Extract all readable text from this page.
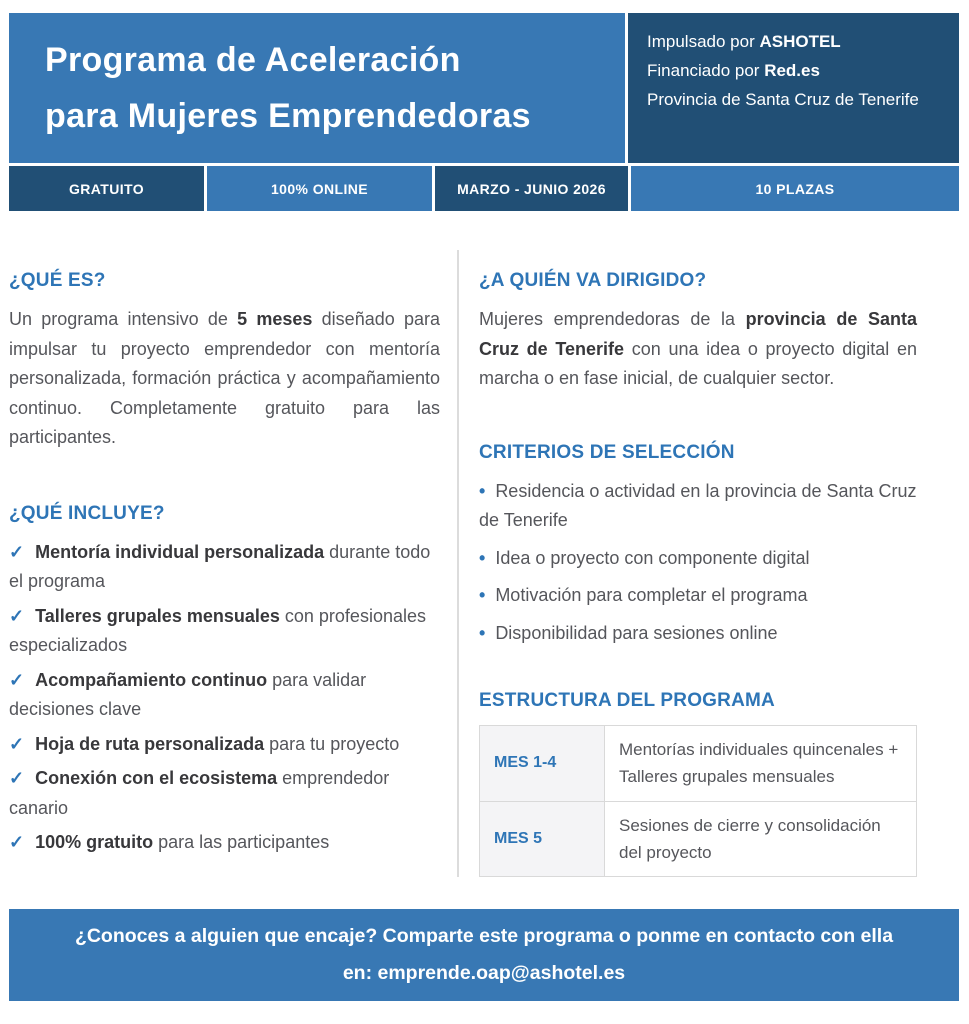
Programa de Aceleración
para Mujeres Emprendedoras
Impulsado por ASHOTEL
Financiado por Red.es
Provincia de Santa Cruz de Tenerife
GRATUITO	100% ONLINE	MARZO - JUNIO 2026	10 PLAZAS
¿QUÉ ES?

Un programa intensivo de 5 meses diseñado para impulsar tu proyecto emprendedor con mentoría personalizada, formación práctica y acompañamiento continuo. Completamente gratuito para las participantes.

¿QUÉ INCLUYE?

✓ Mentoría individual personalizada durante todo el programa

✓ Talleres grupales mensuales con profesionales especializados

✓ Acompañamiento continuo para validar decisiones clave

✓ Hoja de ruta personalizada para tu proyecto

✓ Conexión con el ecosistema emprendedor canario

✓ 100% gratuito para las participantes

¿A QUIÉN VA DIRIGIDO?

Mujeres emprendedoras de la provincia de Santa Cruz de Tenerife con una idea o proyecto digital en marcha o en fase inicial, de cualquier sector.

CRITERIOS DE SELECCIÓN

• Residencia o actividad en la provincia de Santa Cruz de Tenerife

• Idea o proyecto con componente digital

• Motivación para completar el programa

• Disponibilidad para sesiones online

ESTRUCTURA DEL PROGRAMA
MES 1-4	Mentorías individuales quincenales + Talleres grupales mensuales
MES 5	Sesiones de cierre y consolidación del proyecto
¿Conoces a alguien que encaje? Comparte este programa o ponme en contacto con ella
en: emprende.oap@ashotel.es
